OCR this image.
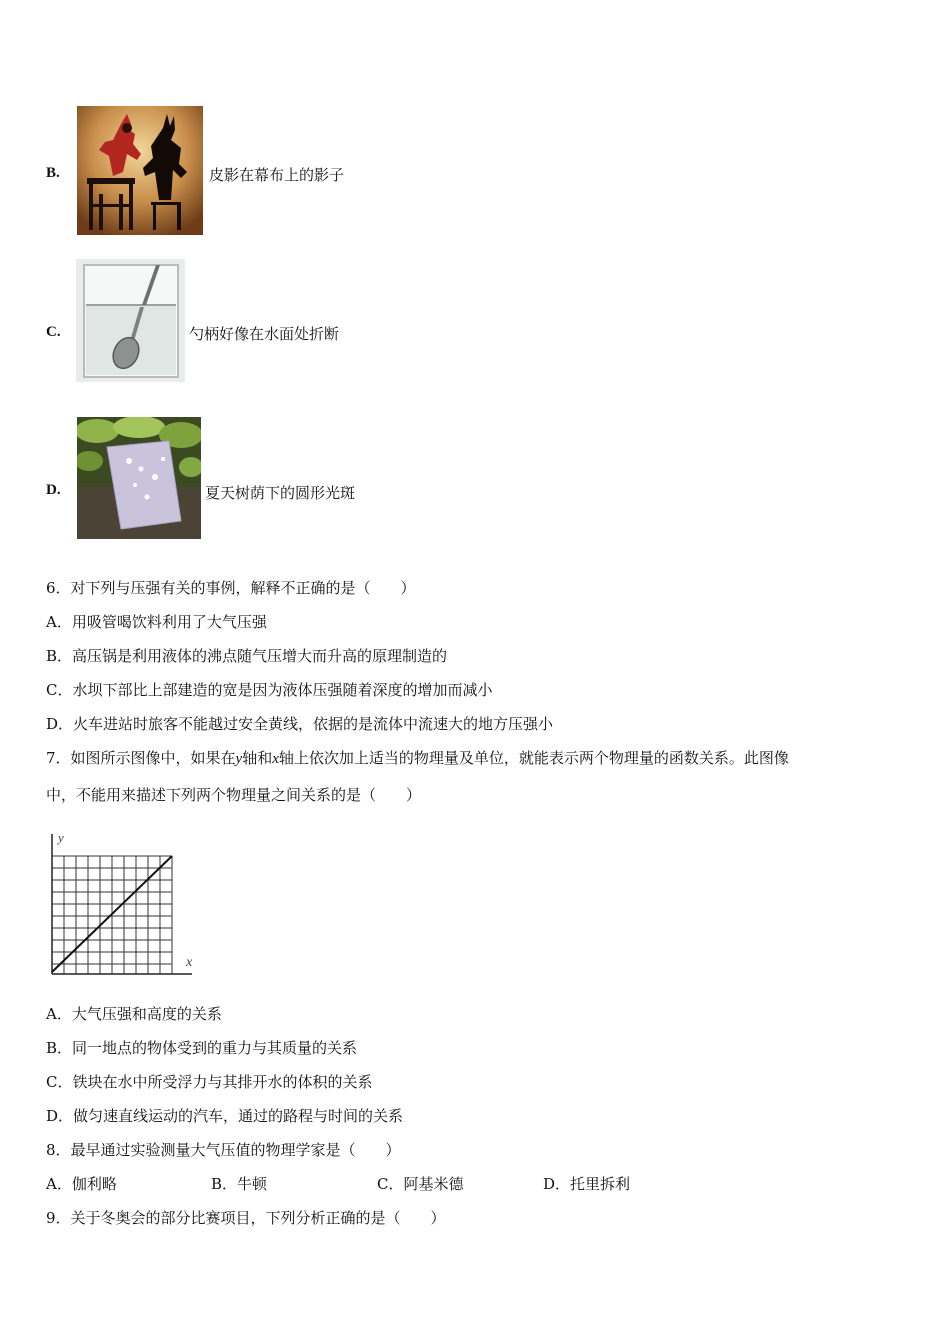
B.	皮影在幕布上的影子
C.	勺柄好像在水面处折断
D.	夏天树荫下的圆形光斑
6．对下列与压强有关的事例，解释不正确的是（　　）
A．用吸管喝饮料利用了大气压强
B．高压锅是利用液体的沸点随气压增大而升高的原理制造的
C．水坝下部比上部建造的宽是因为液体压强随着深度的增加而减小
D．火车进站时旅客不能越过安全黄线，依据的是流体中流速大的地方压强小
7．如图所示图像中，如果在y轴和x轴上依次加上适当的物理量及单位，就能表示两个物理量的函数关系。此图像
中，不能用来描述下列两个物理量之间关系的是（　　）
y
x
A．大气压强和高度的关系
B．同一地点的物体受到的重力与其质量的关系
C．铁块在水中所受浮力与其排开水的体积的关系
D．做匀速直线运动的汽车，通过的路程与时间的关系
8．最早通过实验测量大气压值的物理学家是（　　）
A．伽利略	B．牛顿	C．阿基米德	D．托里拆利
9．关于冬奥会的部分比赛项目，下列分析正确的是（　　）
